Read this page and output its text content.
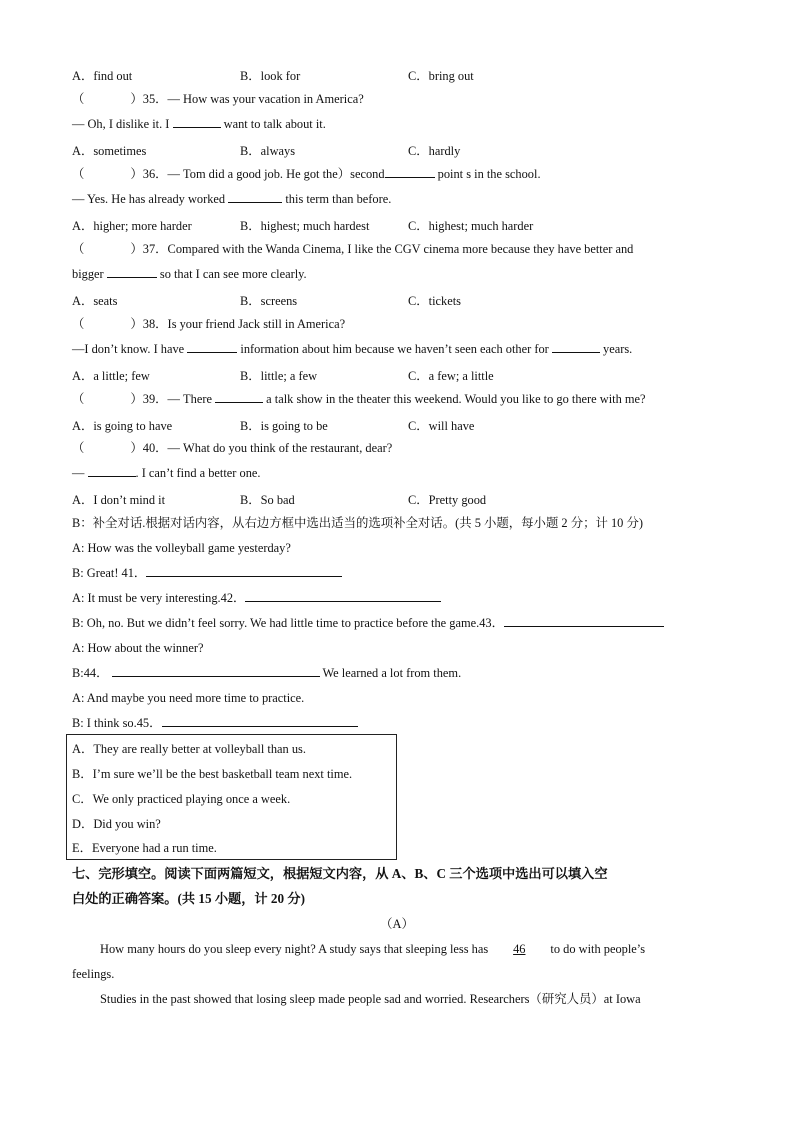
A．find out	B．look for	C．bring out
（	）35．— How was your vacation in America?
— Oh, I dislike it. I	want to talk about it.
A．sometimes	B．always	C．hardly
（	）36．— Tom did a good job. He got the）second	point s in the school.
— Yes. He has already worked	this term than before.
A．higher; more harder	B．highest; much hardest	C．highest; much harder
（	）37．Compared with the Wanda Cinema, I like the CGV cinema more because they have better and
bigger	so that I can see more clearly.
A．seats	B．screens	C．tickets
（	）38．Is your friend Jack still in America?
—I don’t know. I have	information about him because we haven’t seen each other for	years.
A．a little; few	B．little; a few	C．a few; a little
（	）39．— There	a talk show in the theater this weekend. Would you like to go there with me?
A．is going to have	B．is going to be	C．will have
（	）40．— What do you think of the restaurant, dear?
—	. I can’t find a better one.
A．I don’t mind it	B．So bad	C．Pretty good
B：补全对话.根据对话内容，从右边方框中选出适当的选项补全对话。(共 5 小题，每小题 2 分；计 10 分)
A: How was the volleyball game yesterday?
B: Great! 41．
A: It must be very interesting.42．
B: Oh, no. But we didn’t feel sorry. We had little time to practice before the game.43．
A: How about the winner?
B:44．	We learned a lot from them.
A: And maybe you need more time to practice.
B: I think so.45．
A．They are really better at volleyball than us.
B．I’m sure we’ll be the best basketball team next time.
C．We only practiced playing once a week.
D．Did you win?
E．Everyone had a run time.
七、完形填空。阅读下面两篇短文，根据短文内容，从 A、B、C 三个选项中选出可以填入空
白处的正确答案。(共 15 小题，计 20 分)
（A）
How many hours do you sleep every night? A study says that sleeping less has 46 to do with people’s
feelings.
Studies in the past showed that losing sleep made people sad and worried. Researchers（研究人员）at Iowa
